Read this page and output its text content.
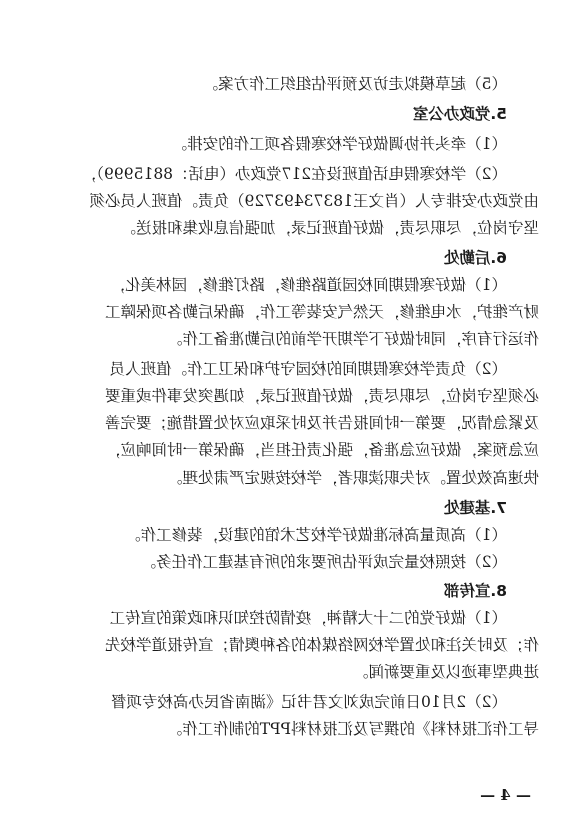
（5）起草模拟走访及预评估组织工作方案。
5.党政办公室
（1）牵头并协调做好学校寒假各项工作的安排。
（2）学校寒假电话值班设在217党政办（电话：8815999），
由党政办安排专人（肖文王18373493729）负责。值班人员必须
坚守岗位，尽职尽责，做好值班记录，加强信息收集和报送。
6.后勤处
（1）做好寒假期间校园道路维修，路灯维修，园林美化，
财产维护，水电维修，天然气安装等工作，确保后勤各项保障工
作运行有序，同时做好下学期开学前的后勤准备工作。
（2）负责学校寒假期间的校园守护和保卫工作。值班人员
必须坚守岗位，尽职尽责，做好值班记录，如遇突发事件或重要
及紧急情况，要第一时间报告并及时采取应对处置措施；要完善
应急预案，做好应急准备，强化责任担当，确保第一时间响应，
快速高效处置。对失职渎职者，学校按规定严肃处理。
7.基建处
（1）高质量高标准做好学校艺术馆的建设，装修工作。
（2）按照校量完成评估所要求的所有基建工作任务。
8.宣传部
（1）做好党的二十大精神，疫情防控知识和政策的宣传工
作；及时关注和处置学校网络媒体的各种舆情；宣传报道学校先
进典型事迹以及重要新闻。
（2）2月10日前完成刘文君书记《湖南省民办高校专项督
导工作汇报材料》的撰写及汇报材料PPT的制作工作。
— 4 —
